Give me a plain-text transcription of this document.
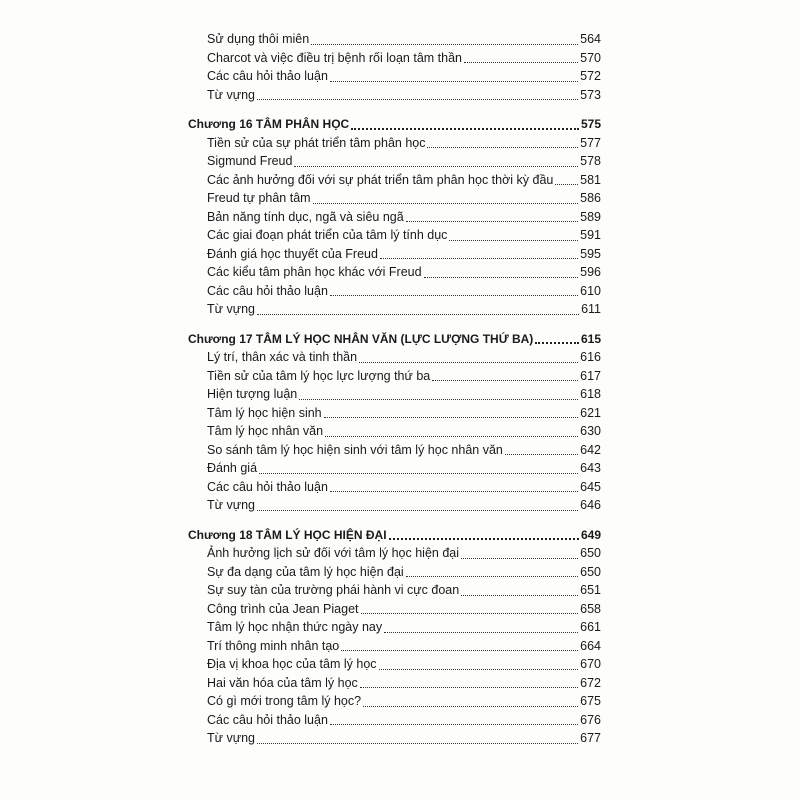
Sử dụng thôi miên	564
Charcot và việc điều trị bệnh rối loạn tâm thần	570
Các câu hỏi thảo luận	572
Từ vựng	573
Chương 16 TÂM PHÂN HỌC	575
Tiền sử của sự phát triển tâm phân học	577
Sigmund Freud	578
Các ảnh hưởng đối với sự phát triển tâm phân học thời kỳ đầu 581
Freud tự phân tâm	586
Bản năng tính dục, ngã và siêu ngã	589
Các giai đoạn phát triển của tâm lý tính dục	591
Đánh giá học thuyết của Freud	595
Các kiểu tâm phân học khác với Freud	596
Các câu hỏi thảo luận	610
Từ vựng	611
Chương 17 TÂM LÝ HỌC NHÂN VĂN (LỰC LƯỢNG THỨ BA)	615
Lý trí, thân xác và tinh thần	616
Tiền sử của tâm lý học lực lượng thứ ba	617
Hiện tượng luận	618
Tâm lý học hiện sinh	621
Tâm lý học nhân văn	630
So sánh tâm lý học hiện sinh với tâm lý học nhân văn	642
Đánh giá	643
Các câu hỏi thảo luận	645
Từ vựng	646
Chương 18 TÂM LÝ HỌC HIỆN ĐẠI	649
Ảnh hưởng lịch sử đối với tâm lý học hiện đại	650
Sự đa dạng của tâm lý học hiện đại	650
Sự suy tàn của trường phái hành vi cực đoan	651
Công trình của Jean Piaget	658
Tâm lý học nhận thức ngày nay	661
Trí thông minh nhân tạo	664
Địa vị khoa học của tâm lý học	670
Hai văn hóa của tâm lý học	672
Có gì mới trong tâm lý học?	675
Các câu hỏi thảo luận	676
Từ vựng	677
